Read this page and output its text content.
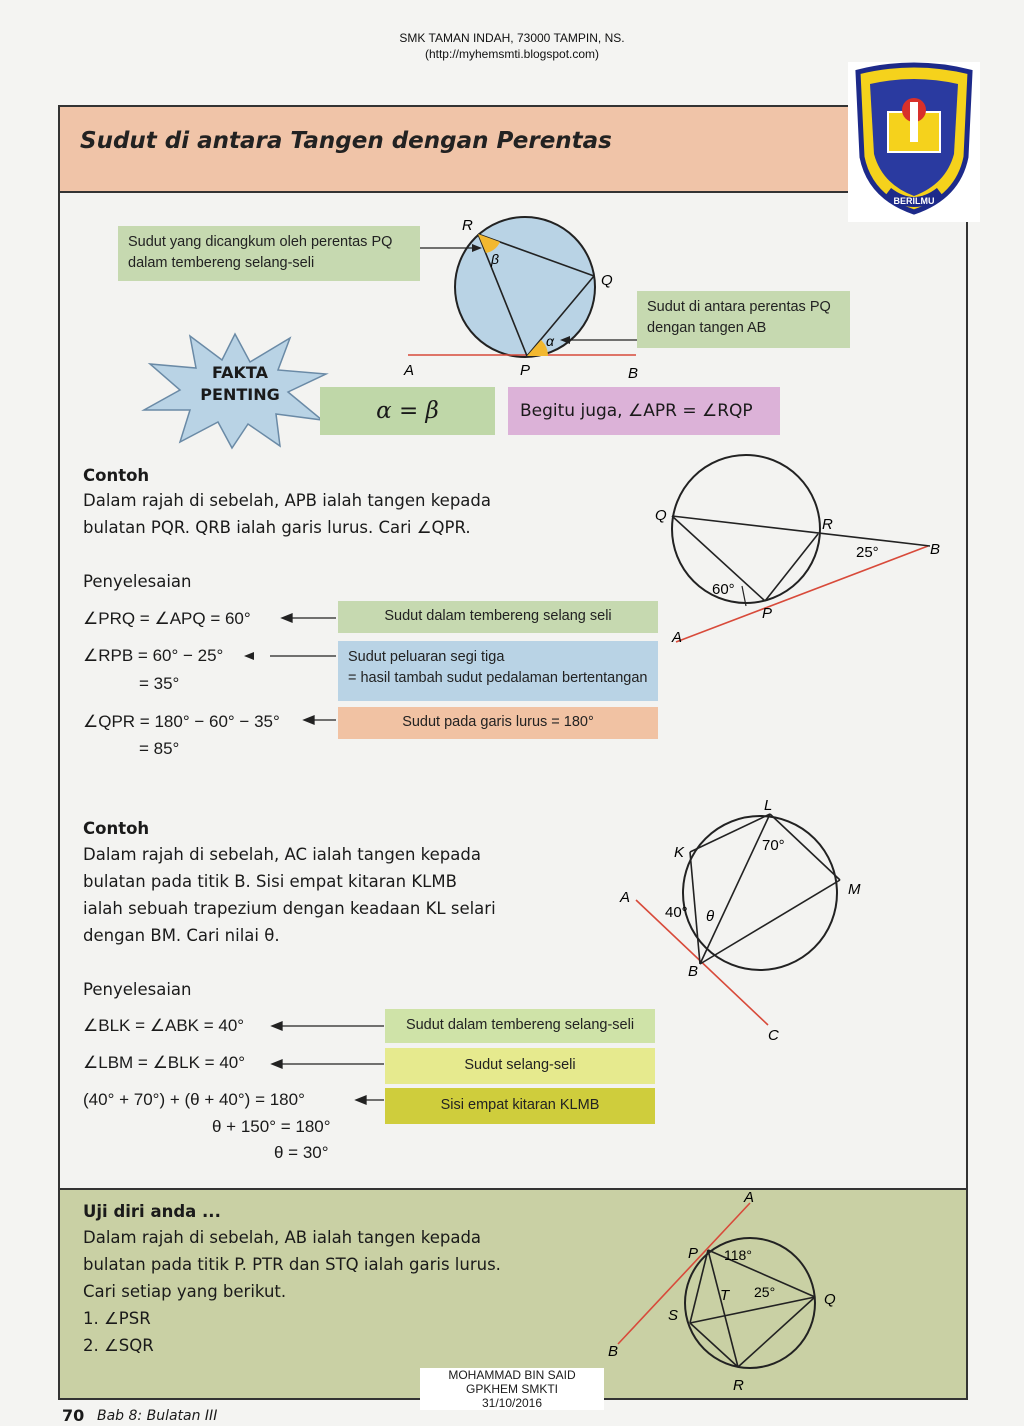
SMK TAMAN INDAH, 73000 TAMPIN, NS.
(http://myhemsmti.blogspot.com)
Sudut di antara Tangen dengan Perentas
BERILMU
Sudut yang dicangkum oleh perentas PQ dalam tembereng selang-seli
Sudut di antara perentas PQ dengan tangen AB
R
Q
P
A	B
β
α
FAKTA
PENTING
α = β	Begitu juga, ∠APR = ∠RQP
Contoh
Dalam rajah di sebelah, APB ialah tangen kepada
bulatan PQR. QRB ialah garis lurus. Cari ∠QPR.
Penyelesaian
∠PRQ = ∠APQ = 60°
∠RPB = 60° − 25°
= 35°
∠QPR = 180° − 60° − 35°
= 85°
Sudut dalam tembereng selang seli
Sudut peluaran segi tiga
= hasil tambah sudut pedalaman bertentangan
Sudut pada garis lurus = 180°
Q
R
B
P
A
25°
60°
Contoh
Dalam rajah di sebelah, AC ialah tangen kepada
bulatan pada titik B. Sisi empat kitaran KLMB
ialah sebuah trapezium dengan keadaan KL selari
dengan BM. Cari nilai θ.
Penyelesaian
∠BLK = ∠ABK = 40°
∠LBM = ∠BLK = 40°
(40° + 70°) + (θ + 40°) = 180°
θ + 150° = 180°
θ = 30°
Sudut dalam tembereng selang-seli
Sudut selang-seli
Sisi empat kitaran KLMB
L
K
M
A
B
C
70°
40° θ
Uji diri anda ...
Dalam rajah di sebelah, AB ialah tangen kepada
bulatan pada titik P. PTR dan STQ ialah garis lurus.
Cari setiap yang berikut.
1. ∠PSR
2. ∠SQR
A
P 118°
T 25°	Q
S
B
R
MOHAMMAD BIN SAID
GPKHEM SMKTI
31/10/2016
70 Bab 8: Bulatan III
